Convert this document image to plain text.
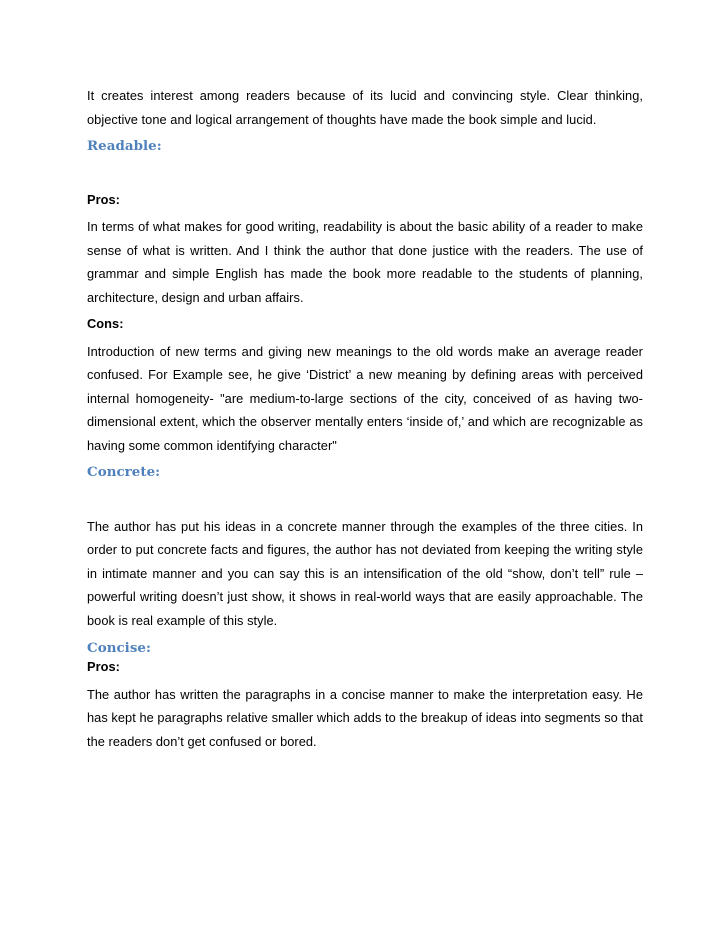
It creates interest among readers because of its lucid and convincing style. Clear thinking, objective tone and logical arrangement of thoughts have made the book simple and lucid.

Readable:

Pros:

In terms of what makes for good writing, readability is about the basic ability of a reader to make sense of what is written. And I think the author that done justice with the readers. The use of grammar and simple English has made the book more readable to the students of planning, architecture, design and urban affairs.

Cons:

Introduction of new terms and giving new meanings to the old words make an average reader confused. For Example see, he give ‘District’ a new meaning by defining areas with perceived internal homogeneity- "are medium-to-large sections of the city, conceived of as having two-dimensional extent, which the observer mentally enters ‘inside of,’ and which are recognizable as having some common identifying character"

Concrete:

The author has put his ideas in a concrete manner through the examples of the three cities. In order to put concrete facts and figures, the author has not deviated from keeping the writing style in intimate manner and you can say this is an intensification of the old “show, don’t tell” rule – powerful writing doesn’t just show, it shows in real-world ways that are easily approachable. The book is real example of this style.

Concise:

Pros:

The author has written the paragraphs in a concise manner to make the interpretation easy. He has kept he paragraphs relative smaller which adds to the breakup of ideas into segments so that the readers don’t get confused or bored.
